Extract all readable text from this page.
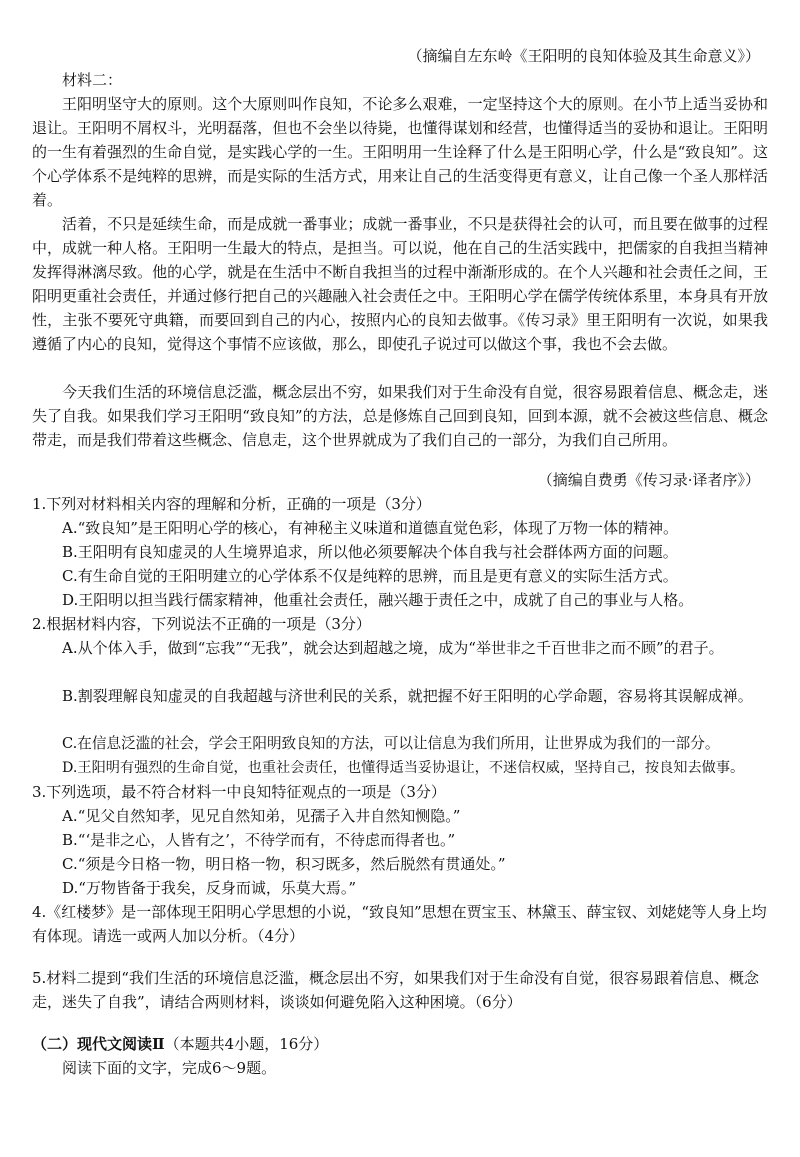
（摘编自左东岭《王阳明的良知体验及其生命意义》）
材料二：
王阳明坚守大的原则。这个大原则叫作良知，不论多么艰难，一定坚持这个大的原则。在小节上适当妥协和退让。王阳明不屑权斗，光明磊落，但也不会坐以待毙，也懂得谋划和经营，也懂得适当的妥协和退让。王阳明的一生有着强烈的生命自觉，是实践心学的一生。王阳明用一生诠释了什么是王阳明心学，什么是“致良知”。这个心学体系不是纯粹的思辨，而是实际的生活方式，用来让自己的生活变得更有意义，让自己像一个圣人那样活着。
活着，不只是延续生命，而是成就一番事业；成就一番事业，不只是获得社会的认可，而且要在做事的过程中，成就一种人格。王阳明一生最大的特点，是担当。可以说，他在自己的生活实践中，把儒家的自我担当精神发挥得淋漓尽致。他的心学，就是在生活中不断自我担当的过程中渐渐形成的。在个人兴趣和社会责任之间，王阳明更重社会责任，并通过修行把自己的兴趣融入社会责任之中。王阳明心学在儒学传统体系里，本身具有开放性，主张不要死守典籍，而要回到自己的内心，按照内心的良知去做事。《传习录》里王阳明有一次说，如果我遵循了内心的良知，觉得这个事情不应该做，那么，即使孔子说过可以做这个事，我也不会去做。
今天我们生活的环境信息泛滥，概念层出不穷，如果我们对于生命没有自觉，很容易跟着信息、概念走，迷失了自我。如果我们学习王阳明“致良知”的方法，总是修炼自己回到良知，回到本源，就不会被这些信息、概念带走，而是我们带着这些概念、信息走，这个世界就成为了我们自己的一部分，为我们自己所用。
（摘编自费勇《传习录·译者序》）
1.下列对材料相关内容的理解和分析，正确的一项是（3分）
A.“致良知”是王阳明心学的核心，有神秘主义味道和道德直觉色彩，体现了万物一体的精神。
B.王阳明有良知虚灵的人生境界追求，所以他必须要解决个体自我与社会群体两方面的问题。
C.有生命自觉的王阳明建立的心学体系不仅是纯粹的思辨，而且是更有意义的实际生活方式。
D.王阳明以担当践行儒家精神，他重社会责任，融兴趣于责任之中，成就了自己的事业与人格。
2.根据材料内容，下列说法不正确的一项是（3分）
A.从个体入手，做到“忘我”“无我”，就会达到超越之境，成为“举世非之千百世非之而不顾”的君子。
B.割裂理解良知虚灵的自我超越与济世利民的关系，就把握不好王阳明的心学命题，容易将其误解成禅。
C.在信息泛滥的社会，学会王阳明致良知的方法，可以让信息为我们所用，让世界成为我们的一部分。
D.王阳明有强烈的生命自觉，也重社会责任，也懂得适当妥协退让，不迷信权威，坚持自己，按良知去做事。
3.下列选项，最不符合材料一中良知特征观点的一项是（3分）
A.“见父自然知孝，见兄自然知弟，见孺子入井自然知恻隐。”
B.“‘是非之心，人皆有之’，不待学而有，不待虑而得者也。”
C.“须是今日格一物，明日格一物，积习既多，然后脱然有贯通处。”
D.“万物皆备于我矣，反身而诚，乐莫大焉。”
4.《红楼梦》是一部体现王阳明心学思想的小说，“致良知”思想在贾宝玉、林黛玉、薛宝钗、刘姥姥等人身上均有体现。请选一或两人加以分析。（4分）
5.材料二提到“我们生活的环境信息泛滥，概念层出不穷，如果我们对于生命没有自觉，很容易跟着信息、概念走，迷失了自我”，请结合两则材料，谈谈如何避免陷入这种困境。（6分）
（二）现代文阅读Ⅱ（本题共4小题，16分）
阅读下面的文字，完成6～9题。
